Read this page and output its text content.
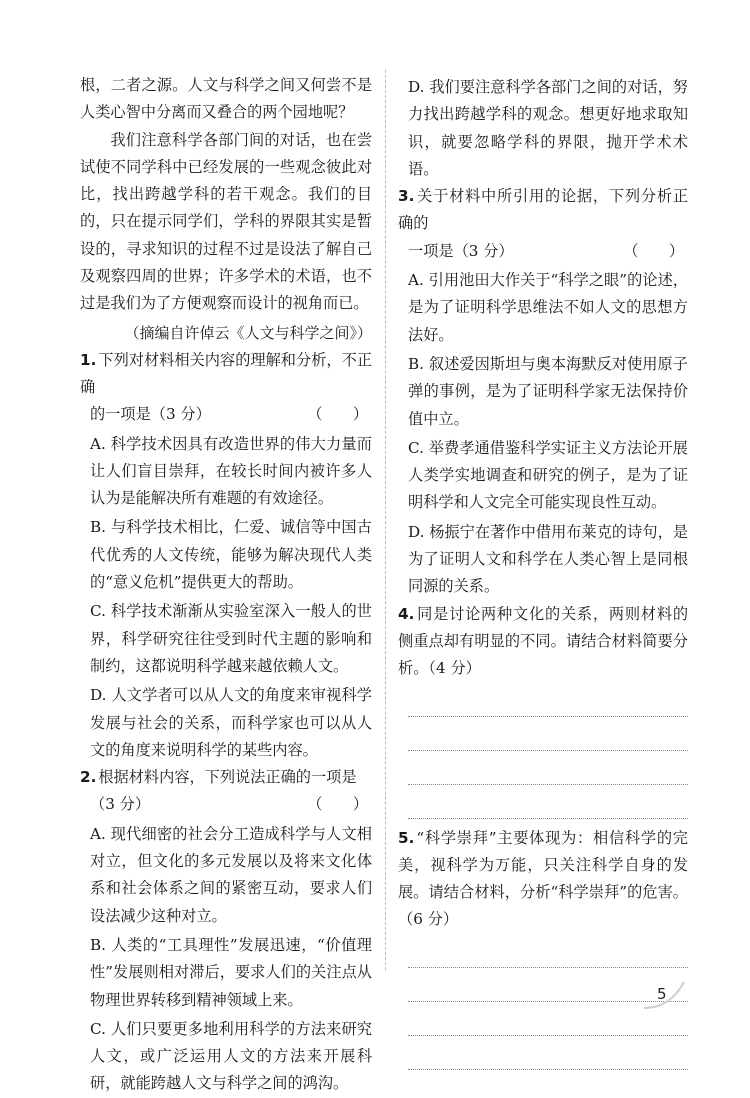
根，二者之源。人文与科学之间又何尝不是人类心智中分离而又叠合的两个园地呢？

我们注意科学各部门间的对话，也在尝试使不同学科中已经发展的一些观念彼此对比，找出跨越学科的若干观念。我们的目的，只在提示同学们，学科的界限其实是暂设的，寻求知识的过程不过是设法了解自己及观察四周的世界；许多学术的术语，也不过是我们为了方便观察而设计的视角而已。

（摘编自许倬云《人文与科学之间》）

1. 下列对材料相关内容的理解和分析，不正确

的一项是（3 分）	（　　）

A. 科学技术因具有改造世界的伟大力量而让人们盲目崇拜，在较长时间内被许多人认为是能解决所有难题的有效途径。

B. 与科学技术相比，仁爱、诚信等中国古代优秀的人文传统，能够为解决现代人类的“意义危机”提供更大的帮助。

C. 科学技术渐渐从实验室深入一般人的世界，科学研究往往受到时代主题的影响和制约，这都说明科学越来越依赖人文。

D. 人文学者可以从人文的角度来审视科学发展与社会的关系，而科学家也可以从人文的角度来说明科学的某些内容。

2. 根据材料内容，下列说法正确的一项是

（3 分）	（　　）

A. 现代细密的社会分工造成科学与人文相对立，但文化的多元发展以及将来文化体系和社会体系之间的紧密互动，要求人们设法减少这种对立。

B. 人类的“工具理性”发展迅速，“价值理性”发展则相对滞后，要求人们的关注点从物理世界转移到精神领域上来。

C. 人们只要更多地利用科学的方法来研究人文，或广泛运用人文的方法来开展科研，就能跨越人文与科学之间的鸿沟。

D. 我们要注意科学各部门之间的对话，努力找出跨越学科的观念。想更好地求取知识，就要忽略学科的界限，抛开学术术语。

3. 关于材料中所引用的论据，下列分析正确的

一项是（3 分）	（　　）

A. 引用池田大作关于“科学之眼”的论述，是为了证明科学思维法不如人文的思想方法好。

B. 叙述爱因斯坦与奥本海默反对使用原子弹的事例，是为了证明科学家无法保持价值中立。

C. 举费孝通借鉴科学实证主义方法论开展人类学实地调查和研究的例子，是为了证明科学和人文完全可能实现良性互动。

D. 杨振宁在著作中借用布莱克的诗句，是为了证明人文和科学在人类心智上是同根同源的关系。

4. 同是讨论两种文化的关系，两则材料的侧重点却有明显的不同。请结合材料简要分析。（4 分）

5. “科学崇拜”主要体现为：相信科学的完美，视科学为万能，只关注科学自身的发展。请结合材料，分析“科学崇拜”的危害。（6 分）

5
